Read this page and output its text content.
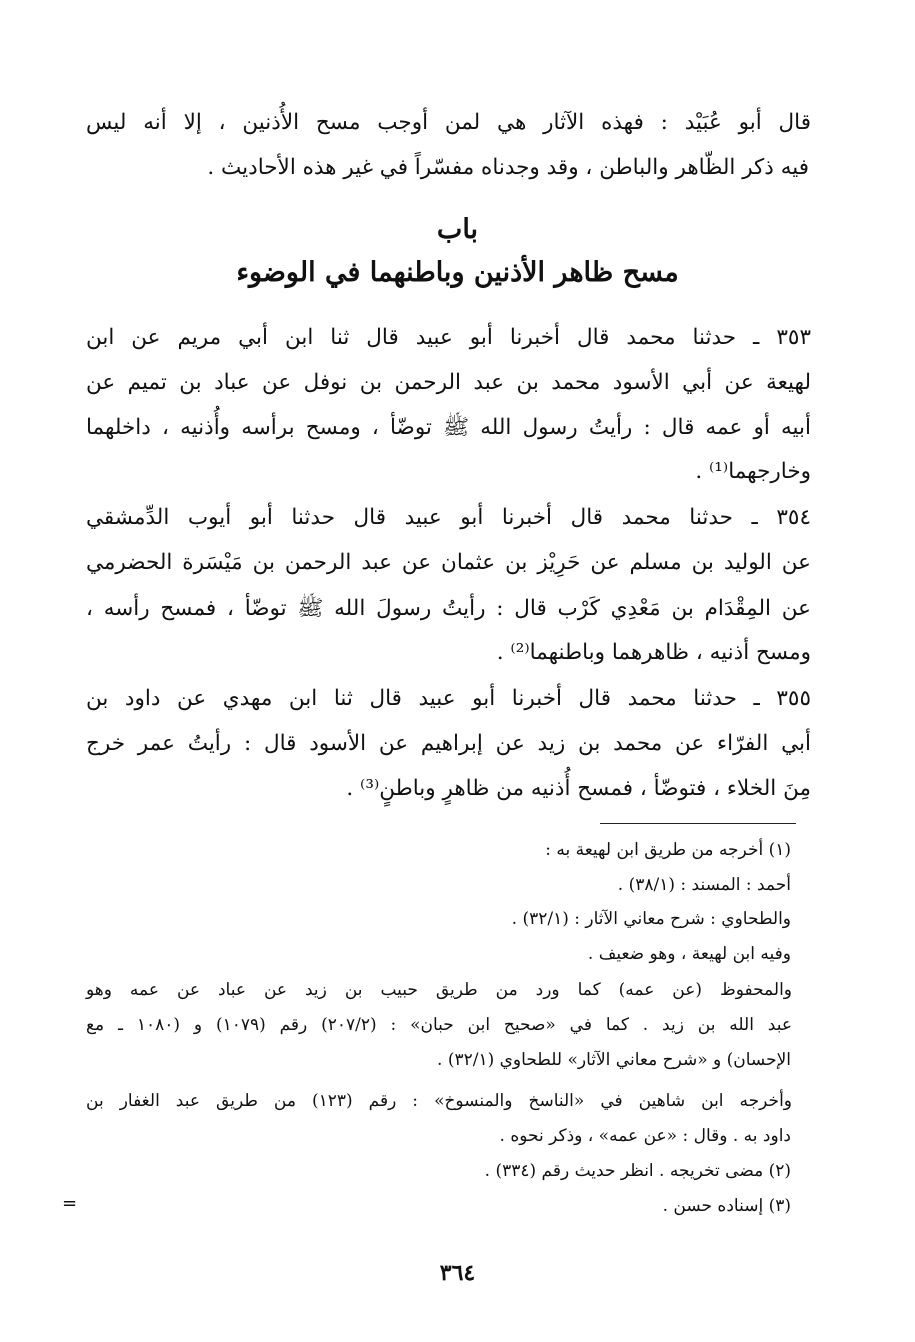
قال أبو عُبَيْد : فهذه الآثار هي لمن أوجب مسح الأُذنين ، إلا أنه ليس
فيه ذكر الظّاهر والباطن ، وقد وجدناه مفسّراً في غير هذه الأحاديث .
باب
مسح ظاهر الأذنين وباطنهما في الوضوء
٣٥٣ ـ حدثنا محمد قال أخبرنا أبو عبيد قال ثنا ابن أبي مريم عن ابن
لهيعة عن أبي الأسود محمد بن عبد الرحمن بن نوفل عن عباد بن تميم عن
أبيه أو عمه قال : رأيتُ رسول الله ﷺ توضّأ ، ومسح برأسه وأُذنيه ، داخلهما
وخارجهما⁽¹⁾ .
٣٥٤ ـ حدثنا محمد قال أخبرنا أبو عبيد قال حدثنا أبو أيوب الدِّمشقي
عن الوليد بن مسلم عن حَرِيْز بن عثمان عن عبد الرحمن بن مَيْسَرة الحضرمي
عن المِقْدَام بن مَعْدِي كَرْب قال : رأيتُ رسولَ الله ﷺ توضّأ ، فمسح رأسه ،
ومسح أذنيه ، ظاهرهما وباطنهما⁽²⁾ .
٣٥٥ ـ حدثنا محمد قال أخبرنا أبو عبيد قال ثنا ابن مهدي عن داود بن
أبي الفرّاء عن محمد بن زيد عن إبراهيم عن الأسود قال : رأيتُ عمر خرج
مِنَ الخلاء ، فتوضّأ ، فمسح أُذنيه من ظاهرٍ وباطنٍ⁽³⁾ .
(١) أخرجه من طريق ابن لهيعة به :
أحمد : المسند : (٣٨/١) .
والطحاوي : شرح معاني الآثار : (٣٢/١) .
وفيه ابن لهيعة ، وهو ضعيف .
والمحفوظ (عن عمه) كما ورد من طريق حبيب بن زيد عن عباد عن عمه وهو
عبد الله بن زيد . كما في «صحيح ابن حبان» : (٢٠٧/٢) رقم (١٠٧٩) و (١٠٨٠ ـ مع
الإحسان) و «شرح معاني الآثار» للطحاوي (٣٢/١) .
وأخرجه ابن شاهين في «الناسخ والمنسوخ» : رقم (١٢٣) من طريق عبد الغفار بن
داود به . وقال : «عن عمه» ، وذكر نحوه .
(٢) مضى تخريجه . انظر حديث رقم (٣٣٤) .
(٣) إسناده حسن .
=
٣٦٤
